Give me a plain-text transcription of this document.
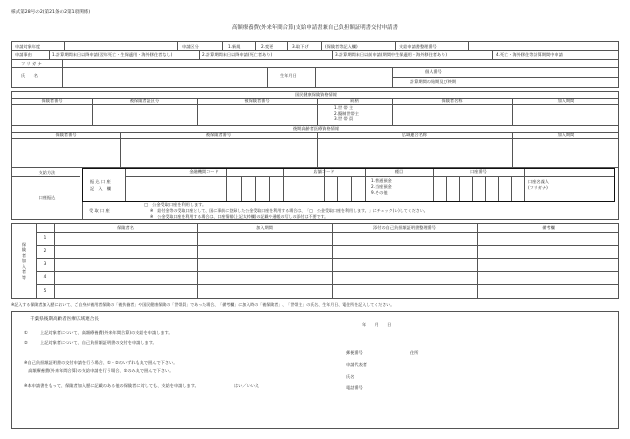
様式第28号の2(第21条の2第1項関係)
高額療養費(外来年間合算)支給申請書兼自己負担額証明書交付申請書
申請対象年度	申請区分	1.新規	2.変更	3.取下げ	(保険者等記入欄)	支給申請書整理番号
申請事由	1.計算期間末日以降申請(翌年死亡・生保適用・海外移住者なし)	2.計算期間末日以降申請(死亡者あり)	3.計算期間末日以前申請(期間中生保適用・海外移住者あり)	4.死亡・海外移住等計算期間中申請
フ リ ガ ナ
氏　　名	生年月日
個人番号
計算期間の始期及び終期
国民健康保険資格情報
保険者番号	被保険者証区分	被保険者番号	続柄	保険者名称	加入期間
1.世 帯 主
2.擬制世帯主
3.世 帯 員
後期高齢者医療資格情報
保険者番号	被保険者番号	広域連合名称	加入期間
支給方法
口座振込
振 込 口 座
記　入　欄
金融機関コード	店舗コード	種目	口座番号
1.普通預金
2.当座預金
9.その他
口座名義人
(フリガナ)
受 取 口 座
□　公金受取口座を利用します。
※　給付金等の受取口座として、国に事前に登録した公金受取口座を利用する場合は、「□　公金受取口座を利用します。」にチェック(レ)してください。
※　公金受取口座を利用する場合は、口座情報(上記太枠欄)の記載や通帳の写しの添付は不要です。
保険者名	加入期間	添付の自己負担額証明書整理番号	備考欄
保険者加入者等
1
2
3
4
5
※記入する保険者加入歴において、ご自身が被用者保険の「被扶養者」や国民健康保険の「世帯員」であった場合、「備考欄」に加入時の「被保険者」、「世帯主」の氏名、生年月日、電住所を記入してください。
千葉県後期高齢者医療広域連合長
年　　月　　日
①	上記対象者について、高額療養費(外来年間合算)の支給を申請します。
②	上記対象者について、自己負担額証明書の交付を申請します。
郵便番号	住所
※自己負担額証明書の交付申請を行う場合、①・②のいずれも丸で囲んで下さい。	申請代表者
　高額療養費(外来年間合算)の支給申請を行う場合、①のみ丸で囲んで下さい。
氏名
※本申請書をもって、保険者加入歴に記載のある他の保険者に対しても、支給を申請します。	はい／いいえ	電話番号
